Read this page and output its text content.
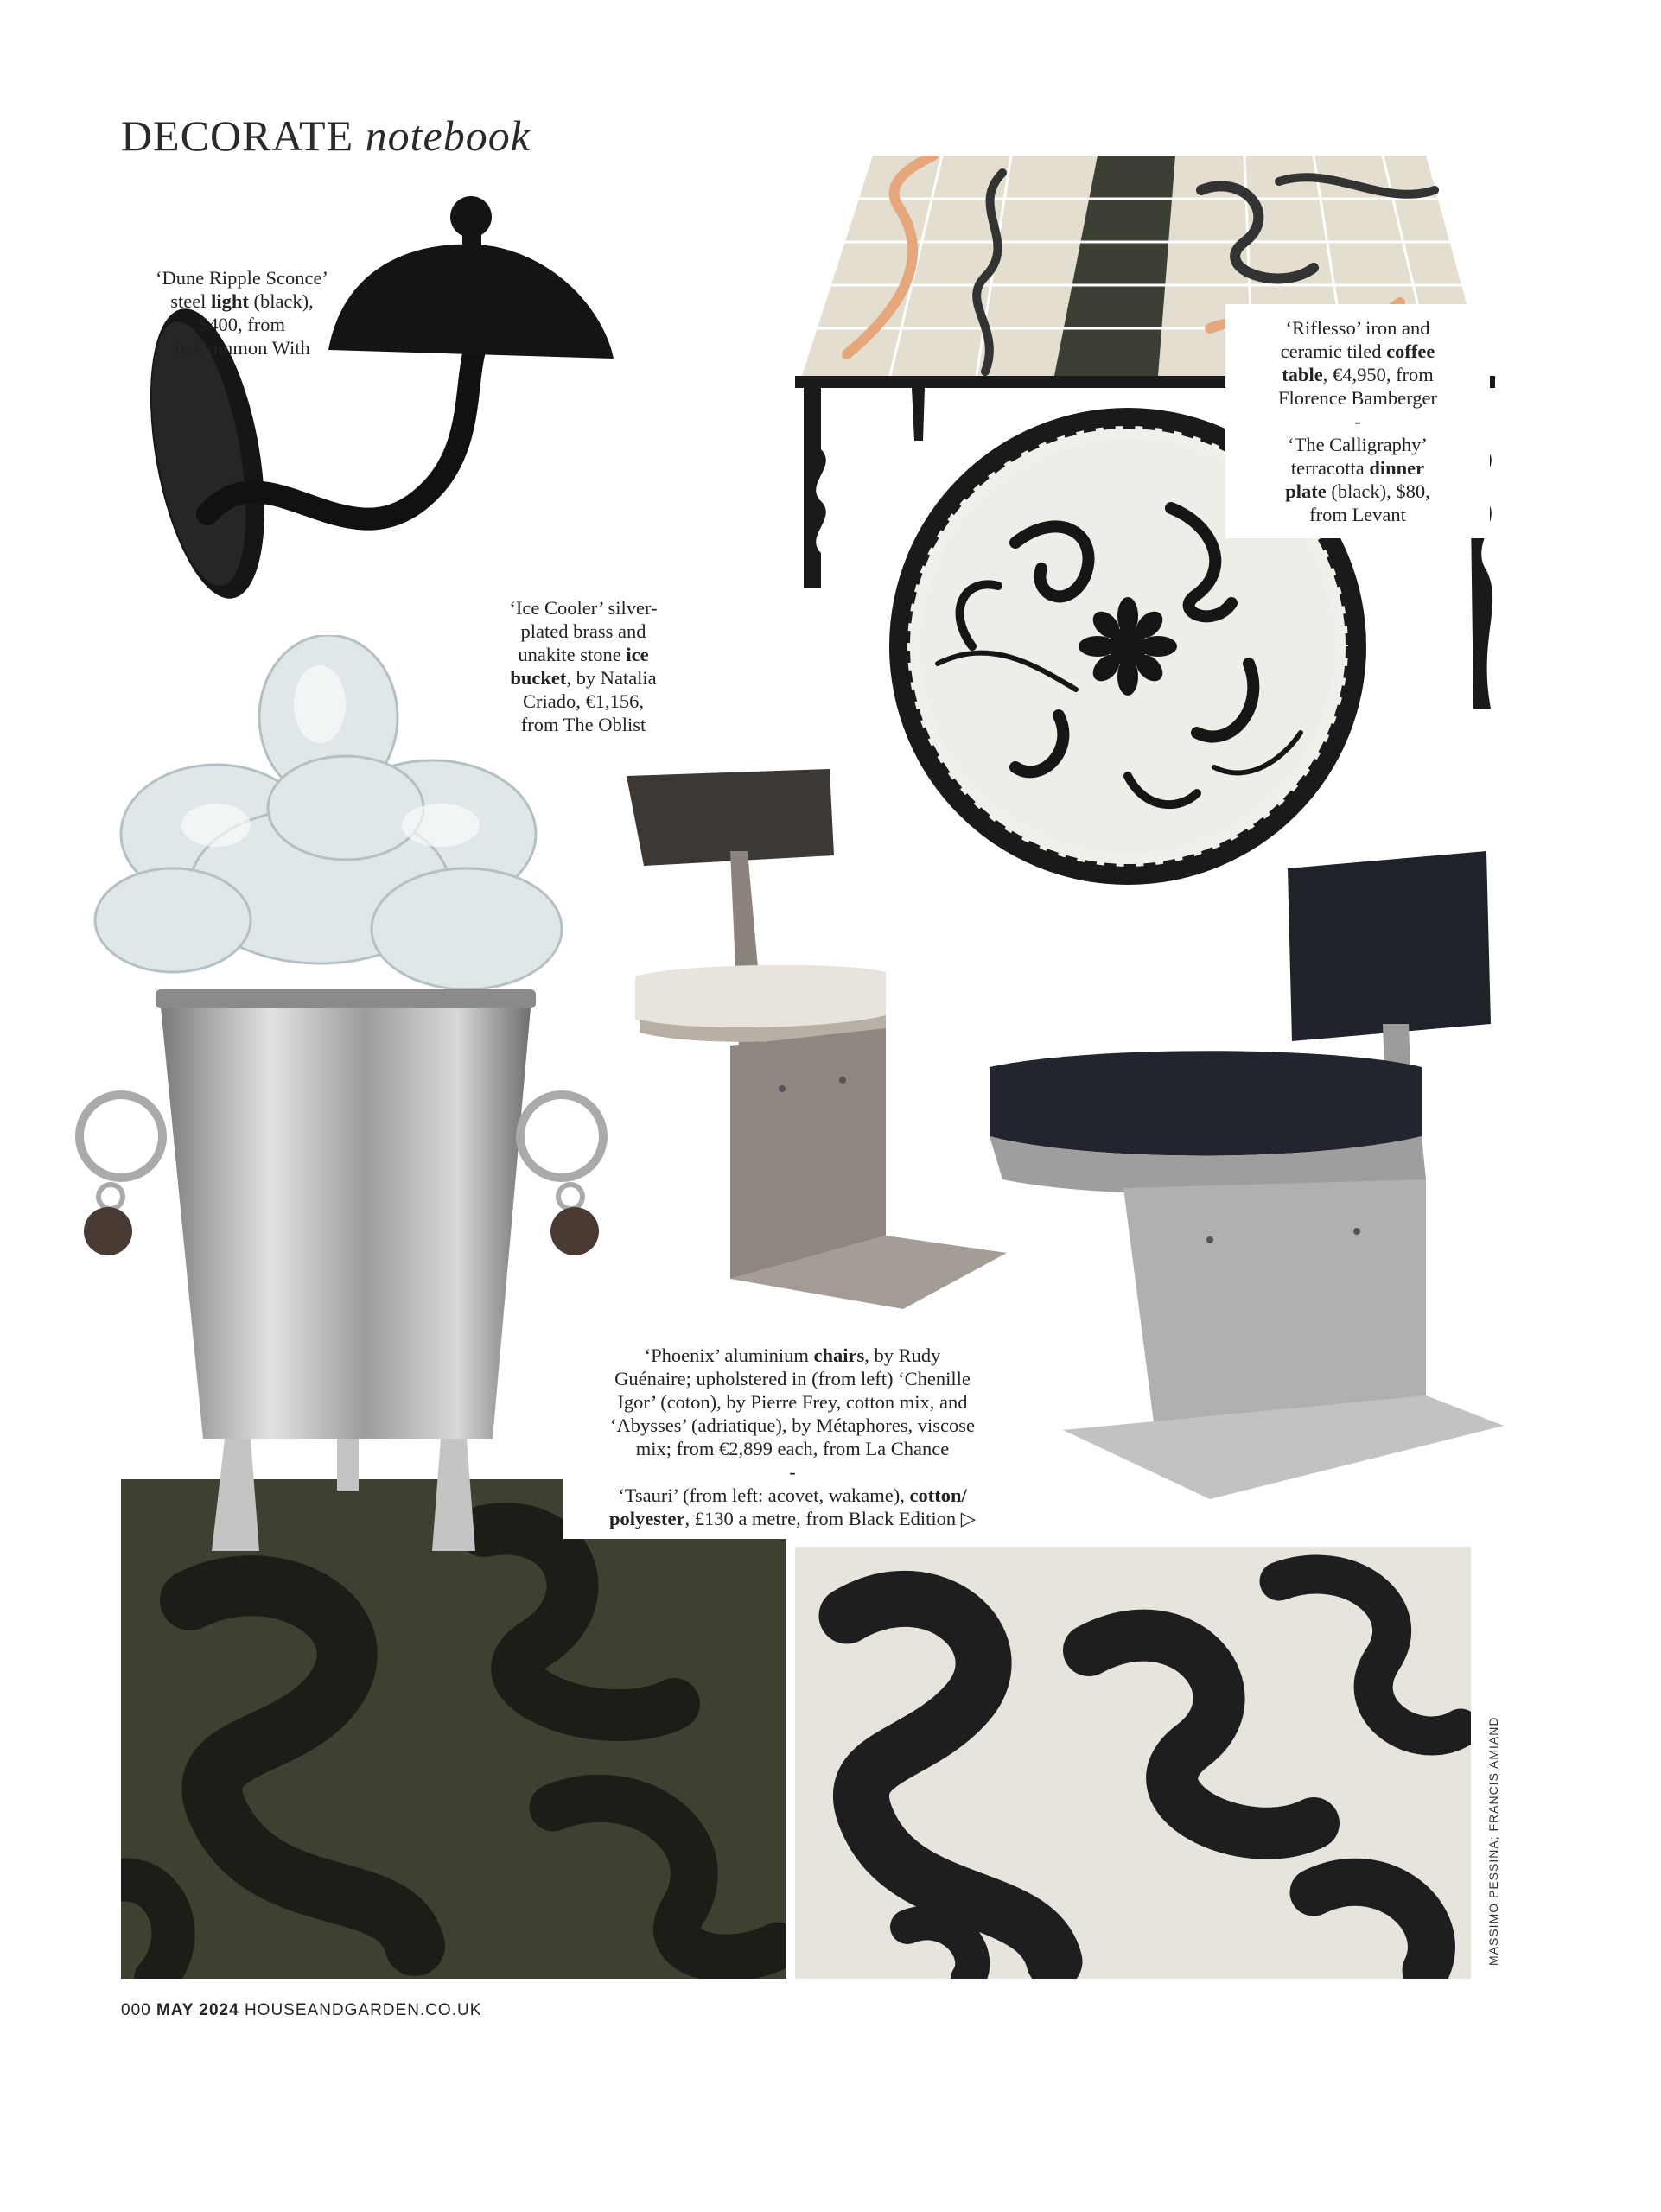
DECORATE notebook
‘Riflesso’ iron and
ceramic tiled coffee
table, €4,950, from
Florence Bamberger
-
‘The Calligraphy’
terracotta dinner
plate (black), $80,
from Levant
‘Dune Ripple Sconce’
steel light (black),
$400, from
In Common With
‘Ice Cooler’ silver-
plated brass and
unakite stone ice
bucket, by Natalia
Criado, €1,156,
from The Oblist
‘Phoenix’ aluminium chairs, by Rudy
Guénaire; upholstered in (from left) ‘Chenille
Igor’ (coton), by Pierre Frey, cotton mix, and
‘Abysses’ (adriatique), by Métaphores, viscose
mix; from €2,899 each, from La Chance
-
‘Tsauri’ (from left: acovet, wakame), cotton/
polyester, £130 a metre, from Black Edition ▷
MASSIMO PESSINA; FRANCIS AMIAND
000 MAY 2024 HOUSEANDGARDEN.CO.UK
